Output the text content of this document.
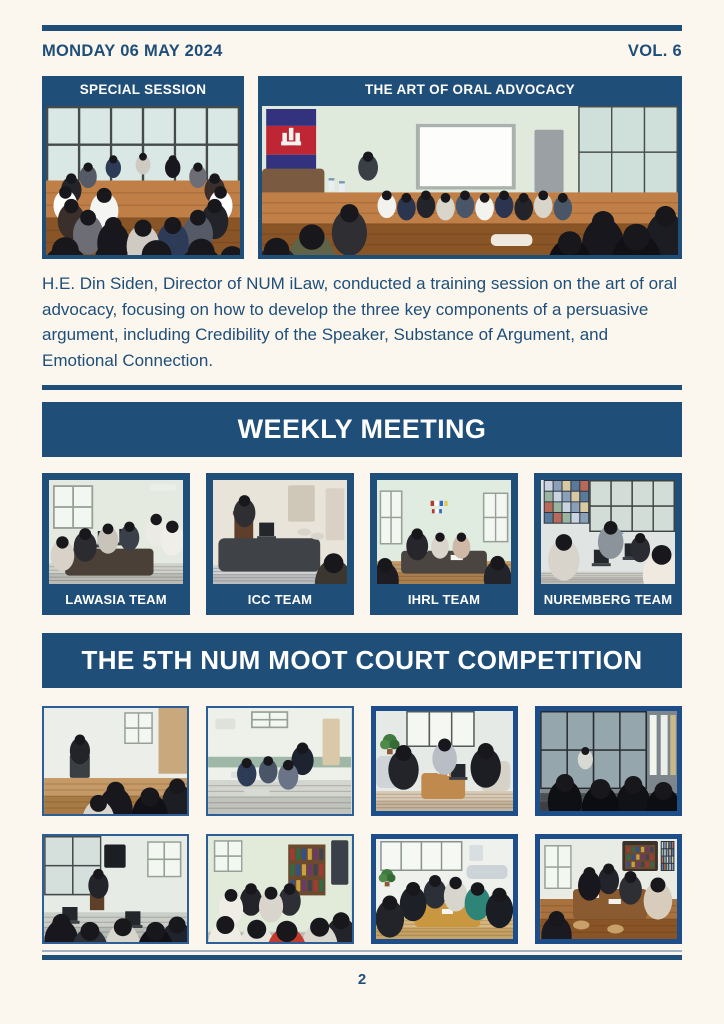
MONDAY 06 MAY 2024	VOL. 6
SPECIAL SESSION	THE ART OF ORAL ADVOCACY

H.E. Din Siden, Director of NUM iLaw, conducted a training session on the art of oral advocacy, focusing on how to develop the three key components of a persuasive argument, including Credibility of the Speaker, Substance of Argument, and Emotional Connection.

WEEKLY MEETING
LAWASIA TEAM	ICC TEAM	IHRL TEAM	NUREMBERG TEAM
THE 5TH NUM MOOT COURT COMPETITION
2
